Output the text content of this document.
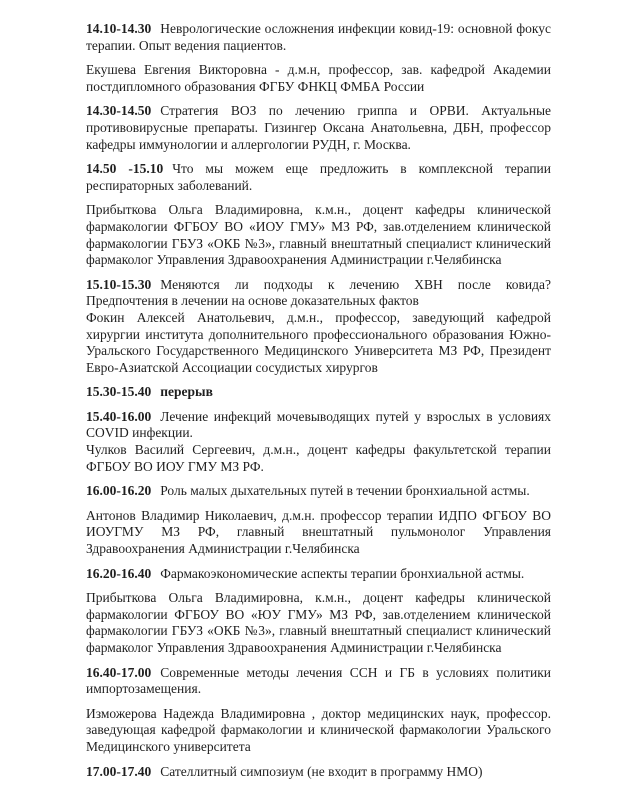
14.10-14.30 Неврологические осложнения инфекции ковид-19: основной фокус терапии. Опыт ведения пациентов.
Екушева Евгения Викторовна - д.м.н, профессор, зав. кафедрой Академии постдипломного образования ФГБУ ФНКЦ ФМБА России
14.30-14.50 Стратегия ВОЗ по лечению гриппа и ОРВИ. Актуальные противовирусные препараты. Гизингер Оксана Анатольевна, ДБН, профессор кафедры иммунологии и аллергологии РУДН, г. Москва.
14.50 -15.10 Что мы можем еще предложить в комплексной терапии респираторных заболеваний.
Прибыткова Ольга Владимировна, к.м.н., доцент кафедры клинической фармакологии ФГБОУ ВО «ИОУ ГМУ» МЗ РФ, зав.отделением клинической фармакологии ГБУЗ «ОКБ №3», главный внештатный специалист клинический фармаколог Управления Здравоохранения Администрации г.Челябинска
15.10-15.30 Меняются ли подходы к лечению ХВН после ковида? Предпочтения в лечении на основе доказательных фактов
Фокин Алексей Анатольевич, д.м.н., профессор, заведующий кафедрой хирургии института дополнительного профессионального образования Южно-Уральского Государственного Медицинского Университета МЗ РФ, Президент Евро-Азиатской Ассоциации сосудистых хирургов
15.30-15.40 перерыв
15.40-16.00 Лечение инфекций мочевыводящих путей у взрослых в условиях COVID инфекции.
Чулков Василий Сергеевич, д.м.н., доцент кафедры факультетской терапии ФГБОУ ВО ИОУ ГМУ МЗ РФ.
16.00-16.20 Роль малых дыхательных путей в течении бронхиальной астмы.
Антонов Владимир Николаевич, д.м.н. профессор терапии ИДПО ФГБОУ ВО ИОУГМУ МЗ РФ, главный внештатный пульмонолог Управления Здравоохранения Администрации г.Челябинска
16.20-16.40 Фармакоэкономические аспекты терапии бронхиальной астмы.
Прибыткова Ольга Владимировна, к.м.н., доцент кафедры клинической фармакологии ФГБОУ ВО «ЮУ ГМУ» МЗ РФ, зав.отделением клинической фармакологии ГБУЗ «ОКБ №3», главный внештатный специалист клинический фармаколог Управления Здравоохранения Администрации г.Челябинска
16.40-17.00 Современные методы лечения ССН и ГБ в условиях политики импортозамещения.
Изможерова Надежда Владимировна , доктор медицинских наук, профессор. заведующая кафедрой фармакологии и клинической фармакологии Уральского Медицинского университета
17.00-17.40 Сателлитный симпозиум (не входит в программу НМО)
